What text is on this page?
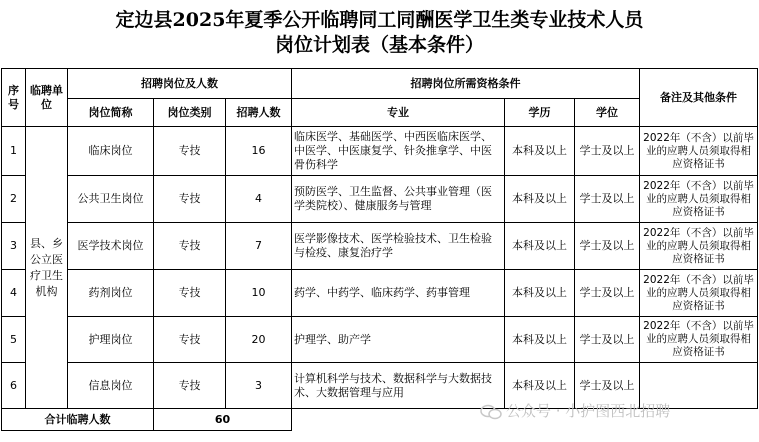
定边县2025年夏季公开临聘同工同酬医学卫生类专业技术人员
岗位计划表（基本条件）
序号	临聘单位	招聘岗位及人数			招聘岗位所需资格条件			备注及其他条件
		岗位简称	岗位类别	招聘人数	专业	学历	学位	
1	县、乡公立医疗卫生机构	临床岗位	专技	16	临床医学、基础医学、中西医临床医学、中医学、中医康复学、针灸推拿学、中医骨伤科学	本科及以上	学士及以上	2022年（不含）以前毕业的应聘人员须取得相应资格证书
2		公共卫生岗位	专技	4	预防医学、卫生监督、公共事业管理（医学类院校）、健康服务与管理	本科及以上	学士及以上	2022年（不含）以前毕业的应聘人员须取得相应资格证书
3		医学技术岗位	专技	7	医学影像技术、医学检验技术、卫生检验与检疫、康复治疗学	本科及以上	学士及以上	2022年（不含）以前毕业的应聘人员须取得相应资格证书
4		药剂岗位	专技	10	药学、中药学、临床药学、药事管理	本科及以上	学士及以上	2022年（不含）以前毕业的应聘人员须取得相应资格证书
5		护理岗位	专技	20	护理学、助产学	本科及以上	学士及以上	2022年（不含）以前毕业的应聘人员须取得相应资格证书
6		信息岗位	专技	3	计算机科学与技术、数据科学与大数据技术、大数据管理与应用	本科及以上	学士及以上	
合计临聘人数			60						公众号 · 小护图西北招聘
